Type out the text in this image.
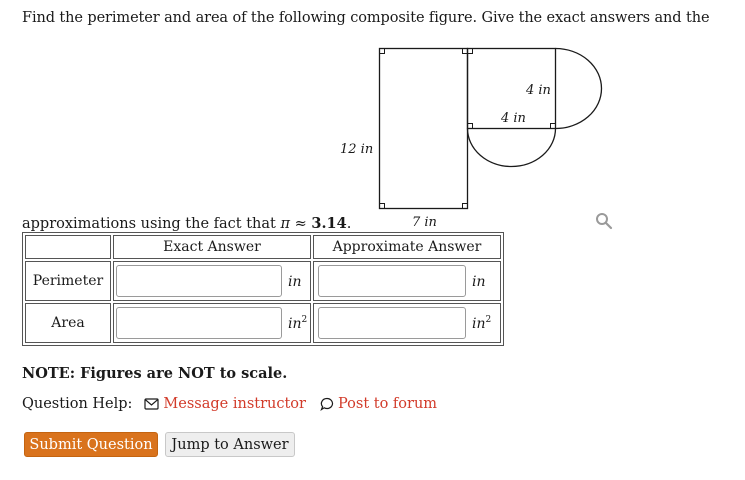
Find the perimeter and area of the following composite figure. Give the exact answers and the
12 in
7 in
4 in
4 in
approximations using the fact that π ≈ 3.14.
	Exact Answer	Approximate Answer
Perimeter	in	in

Area	$in^2$	$in^2$
NOTE: Figures are NOT to scale.
Question Help: Message instructor Post to forum
Submit Question	Jump to Answer
